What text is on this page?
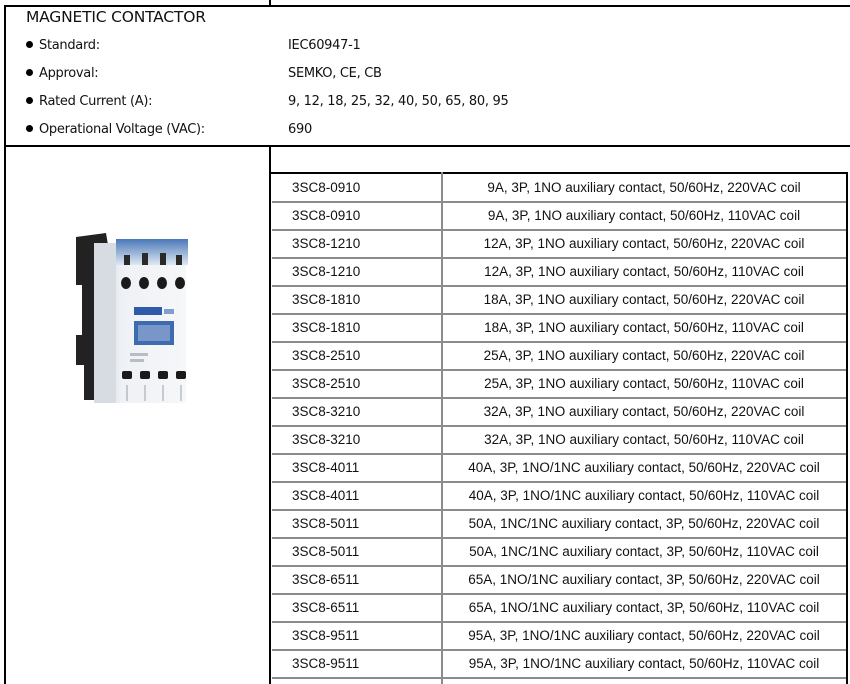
MAGNETIC CONTACTOR
Standard:	IEC60947-1
Approval:	SEMKO, CE, CB
Rated Current (A):	9, 12, 18, 25, 32, 40, 50, 65, 80, 95
Operational Voltage (VAC):	690
3SC8-0910	9A, 3P, 1NO auxiliary contact, 50/60Hz, 220VAC coil
3SC8-0910	9A, 3P, 1NO auxiliary contact, 50/60Hz, 110VAC coil
3SC8-1210	12A, 3P, 1NO auxiliary contact, 50/60Hz, 220VAC coil
3SC8-1210	12A, 3P, 1NO auxiliary contact, 50/60Hz, 110VAC coil
3SC8-1810	18A, 3P, 1NO auxiliary contact, 50/60Hz, 220VAC coil
3SC8-1810	18A, 3P, 1NO auxiliary contact, 50/60Hz, 110VAC coil
3SC8-2510	25A, 3P, 1NO auxiliary contact, 50/60Hz, 220VAC coil
3SC8-2510	25A, 3P, 1NO auxiliary contact, 50/60Hz, 110VAC coil
3SC8-3210	32A, 3P, 1NO auxiliary contact, 50/60Hz, 220VAC coil
3SC8-3210	32A, 3P, 1NO auxiliary contact, 50/60Hz, 110VAC coil
3SC8-4011	40A, 3P, 1NO/1NC auxiliary contact, 50/60Hz, 220VAC coil
3SC8-4011	40A, 3P, 1NO/1NC auxiliary contact, 50/60Hz, 110VAC coil
3SC8-5011	50A, 1NC/1NC auxiliary contact, 3P, 50/60Hz, 220VAC coil
3SC8-5011	50A, 1NC/1NC auxiliary contact, 3P, 50/60Hz, 110VAC coil
3SC8-6511	65A, 1NO/1NC auxiliary contact, 3P, 50/60Hz, 220VAC coil
3SC8-6511	65A, 1NO/1NC auxiliary contact, 3P, 50/60Hz, 110VAC coil
3SC8-9511	95A, 3P, 1NO/1NC auxiliary contact, 50/60Hz, 220VAC coil
3SC8-9511	95A, 3P, 1NO/1NC auxiliary contact, 50/60Hz, 110VAC coil
